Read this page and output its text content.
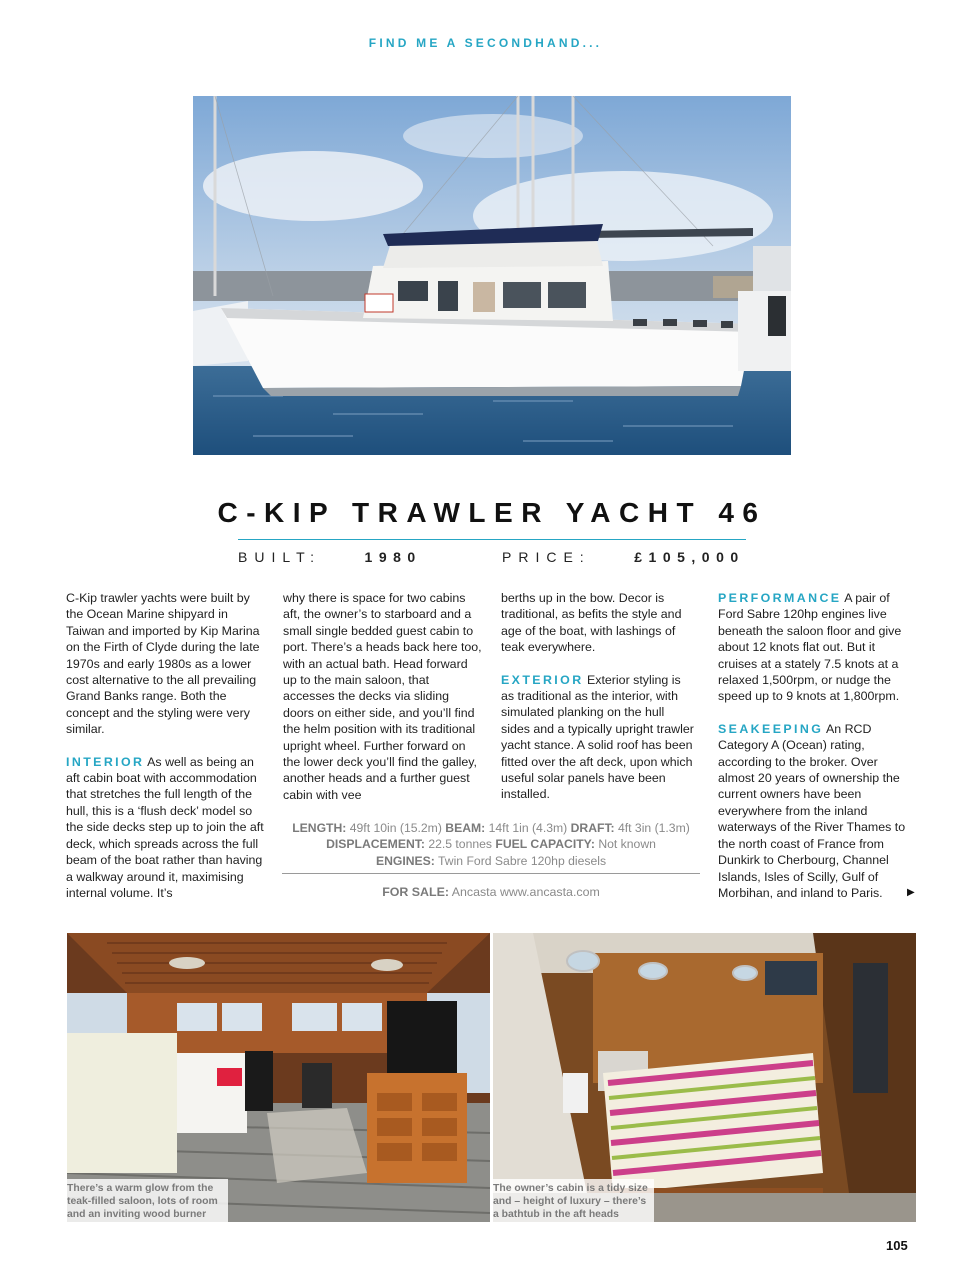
FIND ME A SECONDHAND...
C-KIP TRAWLER YACHT 46
BUILT:	1980	PRICE:	£105,000

C-Kip trawler yachts were built by the Ocean Marine shipyard in Taiwan and imported by Kip Marina on the Firth of Clyde during the late 1970s and early 1980s as a lower cost alternative to the all prevailing Grand Banks range. Both the concept and the styling were very similar.

INTERIOR As well as being an aft cabin boat with accommodation that stretches the full length of the hull, this is a ‘flush deck’ model so the side decks step up to join the aft deck, which spreads across the full beam of the boat rather than having a walkway around it, maximising internal volume. It’s

why there is space for two cabins aft, the owner’s to starboard and a small single bedded guest cabin to port. There’s a heads back here too, with an actual bath. Head forward up to the main saloon, that accesses the decks via sliding doors on either side, and you’ll find the helm position with its traditional upright wheel. Further forward on the lower deck you’ll find the galley, another heads and a further guest cabin with vee

berths up in the bow. Decor is traditional, as befits the style and age of the boat, with lashings of teak everywhere.

EXTERIOR Exterior styling is as traditional as the interior, with simulated planking on the hull sides and a typically upright trawler yacht stance. A solid roof has been fitted over the aft deck, upon which useful solar panels have been installed.

PERFORMANCE A pair of Ford Sabre 120hp engines live beneath the saloon floor and give about 12 knots flat out. But it cruises at a stately 7.5 knots at a relaxed 1,500rpm, or nudge the speed up to 9 knots at 1,800rpm.

SEAKEEPING An RCD Category A (Ocean) rating, according to the broker. Over almost 20 years of ownership the current owners have been everywhere from the inland waterways of the River Thames to the north coast of France from Dunkirk to Cherbourg, Channel Islands, Isles of Scilly, Gulf of Morbihan, and inland to Paris.	▶
LENGTH: 49ft 10in (15.2m) BEAM: 14ft 1in (4.3m) DRAFT: 4ft 3in (1.3m)
DISPLACEMENT: 22.5 tonnes FUEL CAPACITY: Not known
ENGINES: Twin Ford Sabre 120hp diesels
FOR SALE: Ancasta www.ancasta.com
There’s a warm glow from the teak-filled saloon, lots of room and an inviting wood burner
The owner’s cabin is a tidy size and – height of luxury – there’s a bathtub in the aft heads
105
